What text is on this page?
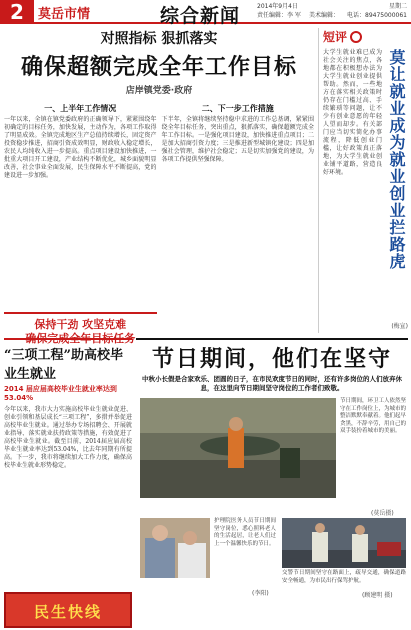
2	莫岳市情	综合新闻	2014年9月4日	星期二
责任编辑：李 军 美术编辑： 电话：89475000061
对照指标 狠抓落实
确保超额完成全年工作目标
店岸镇党委·政府
一、上半年工作情况
一年以来，全镇在镇党委政府的正确领导下，紧紧围绕年初确定的目标任务，加快发展，主动作为，各项工作取得了明显成效。全镇完成地区生产总值持续增长，固定资产投资稳步推进，招商引资成效明显，财政收入稳定增长，农民人均纯收入进一步提高。重点项目建设加快推进，一批重大项目开工建设，产业结构不断优化，城乡面貌明显改善，社会事业全面发展，民生保障水平不断提高，党的建设进一步加强。
保持干劲 攻坚克难
确保完成全年目标任务
二、下一步工作措施
下半年，全镇将继续坚持稳中求进的工作总基调，紧紧围绕全年目标任务，突出重点，狠抓落实，确保超额完成全年工作目标。一是强化项目建设，加快推进重点项目；二是加大招商引资力度；三是推进新型城镇化建设；四是加强社会管理，维护社会稳定；五是切实加强党的建设，为各项工作提供坚强保障。
短评
大学生就业难已成为社会关注的焦点，各地都在积极想办法为大学生就业创业提供帮助。然而，一些地方在落实相关政策时仍存在门槛过高、手续繁琐等问题，让不少有创业意愿的年轻人望而却步。有关部门应当切实简化办事流程，降低创业门槛，让好政策真正落地，为大学生就业创业铺平道路，营造良好环境。	莫让就业成为就业创业拦路虎
(梅宣)
“三项工程”助高校毕业生就业
2014 届应届高校毕业生就业率达到 53.04%
今年以来，我市大力实施高校毕业生就业促进、创业引领和基层成长“三项工程”，多措并举促进高校毕业生就业。通过举办专场招聘会、开展就业指导、落实就业扶持政策等措施，有效促进了高校毕业生就业。截至目前，2014届应届高校毕业生就业率达到53.04%，比去年同期有所提高。下一步，我市将继续加大工作力度，确保高校毕业生就业形势稳定。
民生快线
节日期间，他们在坚守
中秋小长假是合家欢乐、团圆的日子，在市民欢度节日的同时，还有许多岗位的人们放弃休息，在这里向节日期间坚守岗位的工作者们致敬。
节日期间，环卫工人依然坚守在工作岗位上，为城市的整洁默默奉献着。他们起早贪黑，不辞辛劳，用自己的双手装扮着城市的美丽。
(莫岳摄)
护理院医务人员节日期间坚守岗位，悉心照料老人的生活起居，让老人们过上一个温馨快乐的节日。
(李阳)
交警节日期间坚守在路面上，疏导交通，确保道路安全畅通，为市民出行保驾护航。
(顾建明 摄)
